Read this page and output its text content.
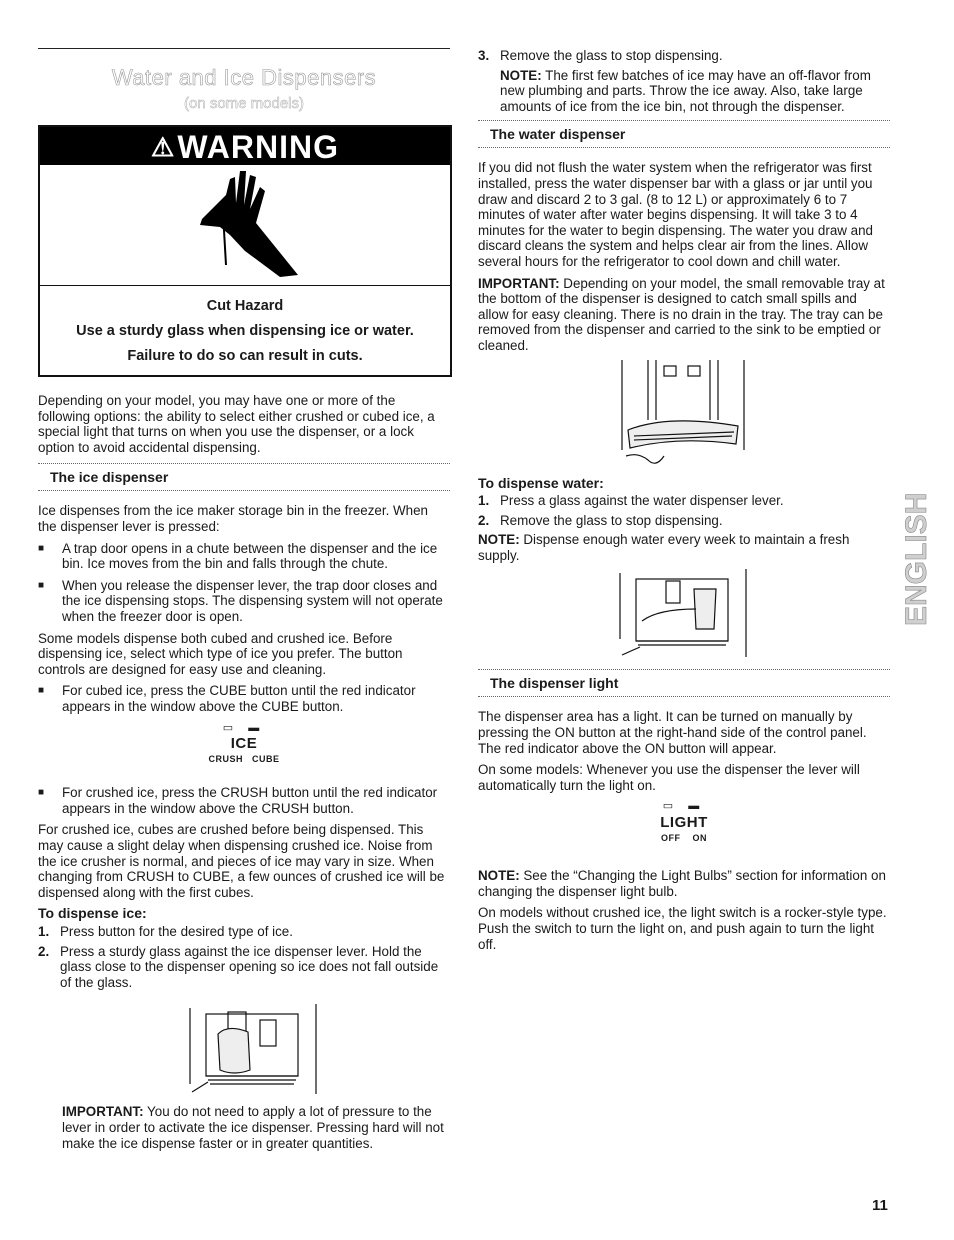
Water and Ice Dispensers
(on some models)
⚠WARNING

Cut Hazard

Use a sturdy glass when dispensing ice or water.

Failure to do so can result in cuts.

Depending on your model, you may have one or more of the following options: the ability to select either crushed or cubed ice, a special light that turns on when you use the dispenser, or a lock option to avoid accidental dispensing.

The ice dispenser

Ice dispenses from the ice maker storage bin in the freezer. When the dispenser lever is pressed:

■	A trap door opens in a chute between the dispenser and the ice bin. Ice moves from the bin and falls through the chute.
■	When you release the dispenser lever, the trap door closes and the ice dispensing stops. The dispensing system will not operate when the freezer door is open.

Some models dispense both cubed and crushed ice. Before dispensing ice, select which type of ice you prefer. The button controls are designed for easy use and cleaning.

■	For cubed ice, press the CUBE button until the red indicator appears in the window above the CUBE button.
▭ ▬
ICE
CRUSH CUBE
■	For crushed ice, press the CRUSH button until the red indicator appears in the window above the CRUSH button.

For crushed ice, cubes are crushed before being dispensed. This may cause a slight delay when dispensing crushed ice. Noise from the ice crusher is normal, and pieces of ice may vary in size. When changing from CRUSH to CUBE, a few ounces of crushed ice will be dispensed along with the first cubes.

To dispense ice:
1. Press button for the desired type of ice.
2. Press a sturdy glass against the ice dispenser lever. Hold the glass close to the dispenser opening so ice does not fall outside of the glass.

IMPORTANT: You do not need to apply a lot of pressure to the lever in order to activate the ice dispenser. Pressing hard will not make the ice dispense faster or in greater quantities.

3. Remove the glass to stop dispensing.

NOTE: The first few batches of ice may have an off-flavor from new plumbing and parts. Throw the ice away. Also, take large amounts of ice from the ice bin, not through the dispenser.

The water dispenser

If you did not flush the water system when the refrigerator was first installed, press the water dispenser bar with a glass or jar until you draw and discard 2 to 3 gal. (8 to 12 L) or approximately 6 to 7 minutes of water after water begins dispensing. It will take 3 to 4 minutes for the water to begin dispensing. The water you draw and discard cleans the system and helps clear air from the lines. Allow several hours for the refrigerator to cool down and chill water.

IMPORTANT: Depending on your model, the small removable tray at the bottom of the dispenser is designed to catch small spills and allow for easy cleaning. There is no drain in the tray. The tray can be removed from the dispenser and carried to the sink to be emptied or cleaned.

To dispense water:
1. Press a glass against the water dispenser lever.
2. Remove the glass to stop dispensing.

NOTE: Dispense enough water every week to maintain a fresh supply.

The dispenser light

The dispenser area has a light. It can be turned on manually by pressing the ON button at the right-hand side of the control panel. The red indicator above the ON button will appear.

On some models: Whenever you use the dispenser the lever will automatically turn the light on.

▭ ▬
LIGHT
OFF ON

NOTE: See the “Changing the Light Bulbs” section for information on changing the dispenser light bulb.

On models without crushed ice, the light switch is a rocker-style type. Push the switch to turn the light on, and push again to turn the light off.

ENGLISH
11
